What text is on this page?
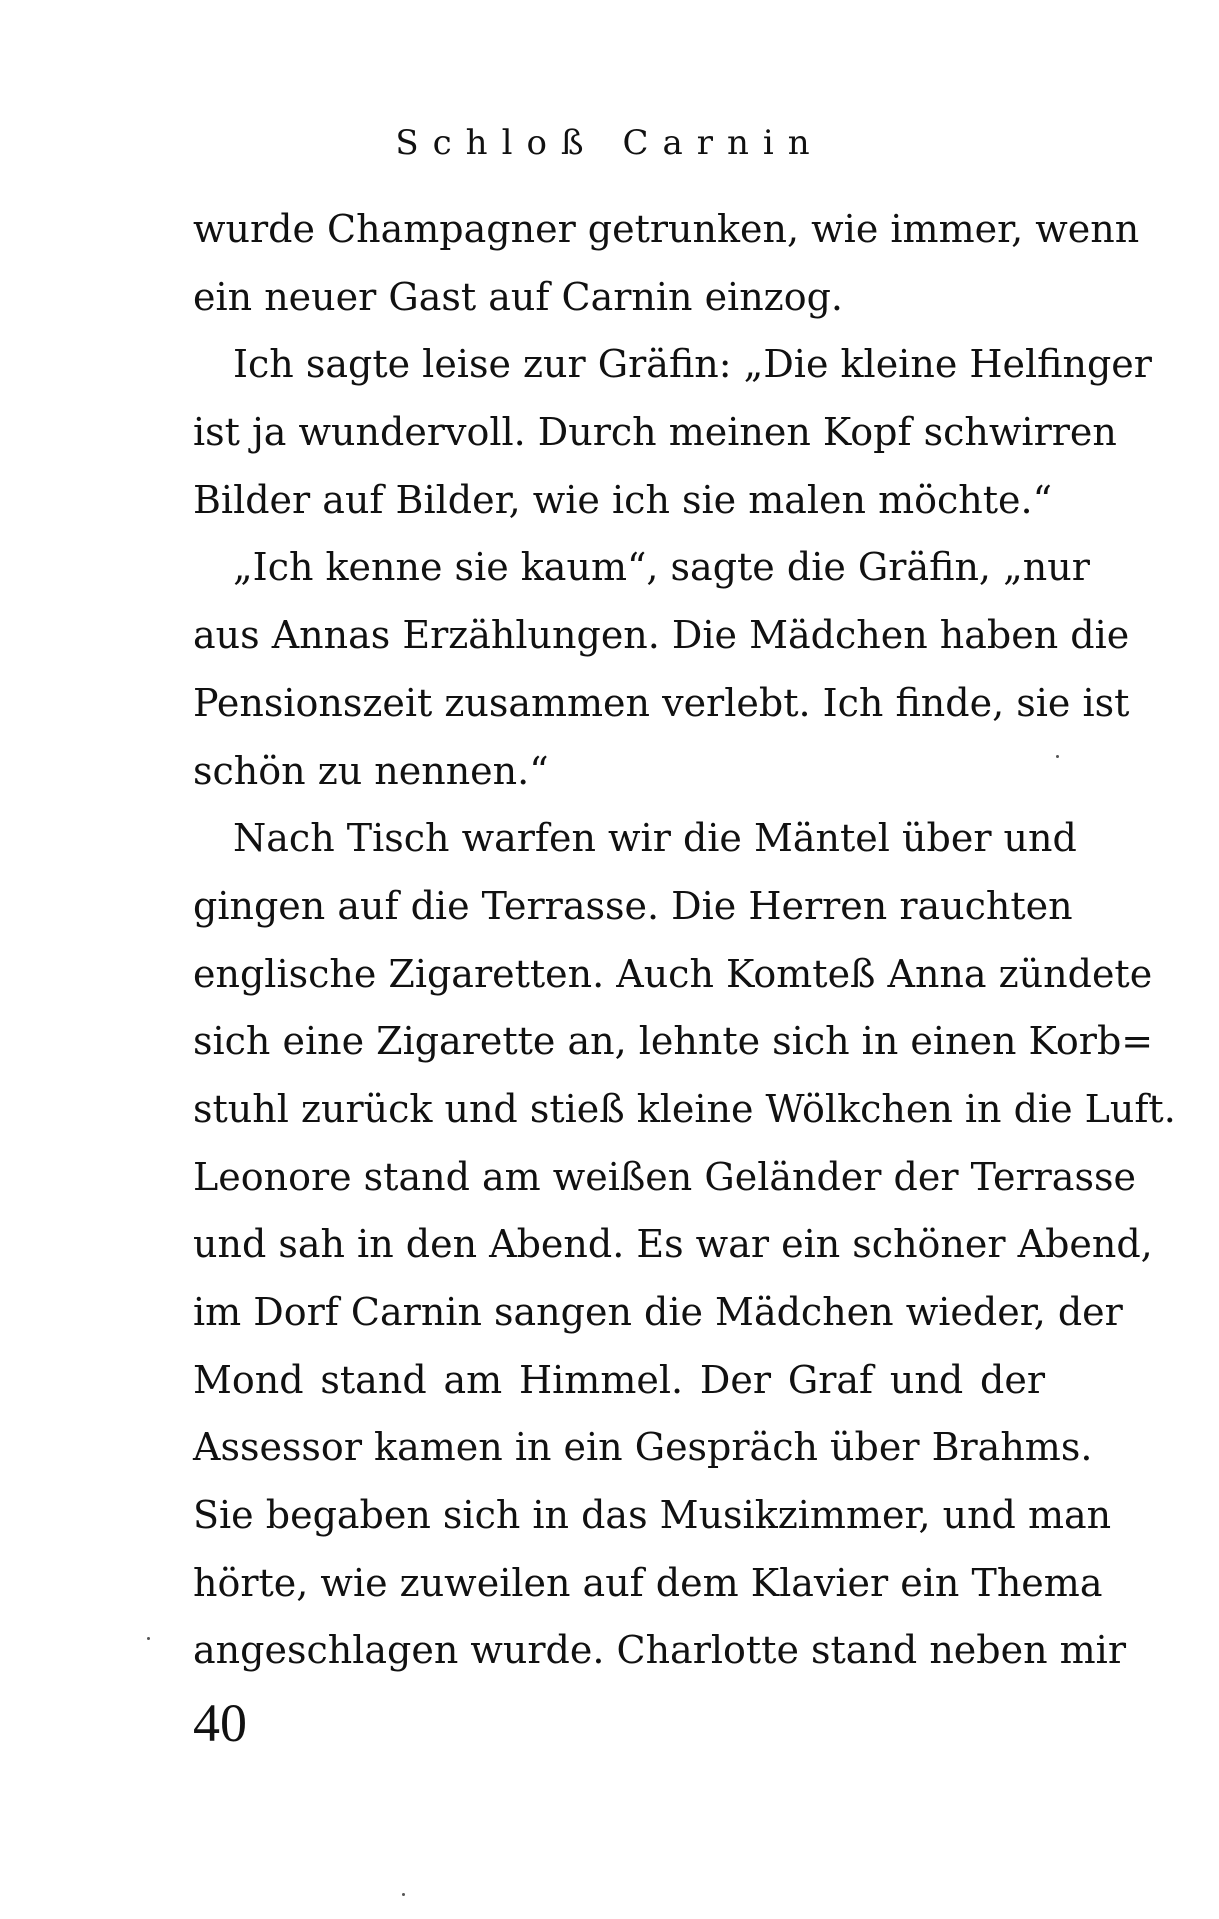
Schloß Carnin
wurde Champagner getrunken, wie immer, wenn
ein neuer Gast auf Carnin einzog.
Ich sagte leise zur Gräfin: „Die kleine Helfinger
ist ja wundervoll. Durch meinen Kopf schwirren
Bilder auf Bilder, wie ich sie malen möchte.“
„Ich kenne sie kaum“, sagte die Gräfin, „nur
aus Annas Erzählungen. Die Mädchen haben die
Pensionszeit zusammen verlebt. Ich finde, sie ist
schön zu nennen.“
Nach Tisch warfen wir die Mäntel über und
gingen auf die Terrasse. Die Herren rauchten
englische Zigaretten. Auch Komteß Anna zündete
sich eine Zigarette an, lehnte sich in einen Korb=
stuhl zurück und stieß kleine Wölkchen in die Luft.
Leonore stand am weißen Geländer der Terrasse
und sah in den Abend. Es war ein schöner Abend,
im Dorf Carnin sangen die Mädchen wieder, der
Mond stand am Himmel. Der Graf und der
Assessor kamen in ein Gespräch über Brahms.
Sie begaben sich in das Musikzimmer, und man
hörte, wie zuweilen auf dem Klavier ein Thema
angeschlagen wurde. Charlotte stand neben mir
40
